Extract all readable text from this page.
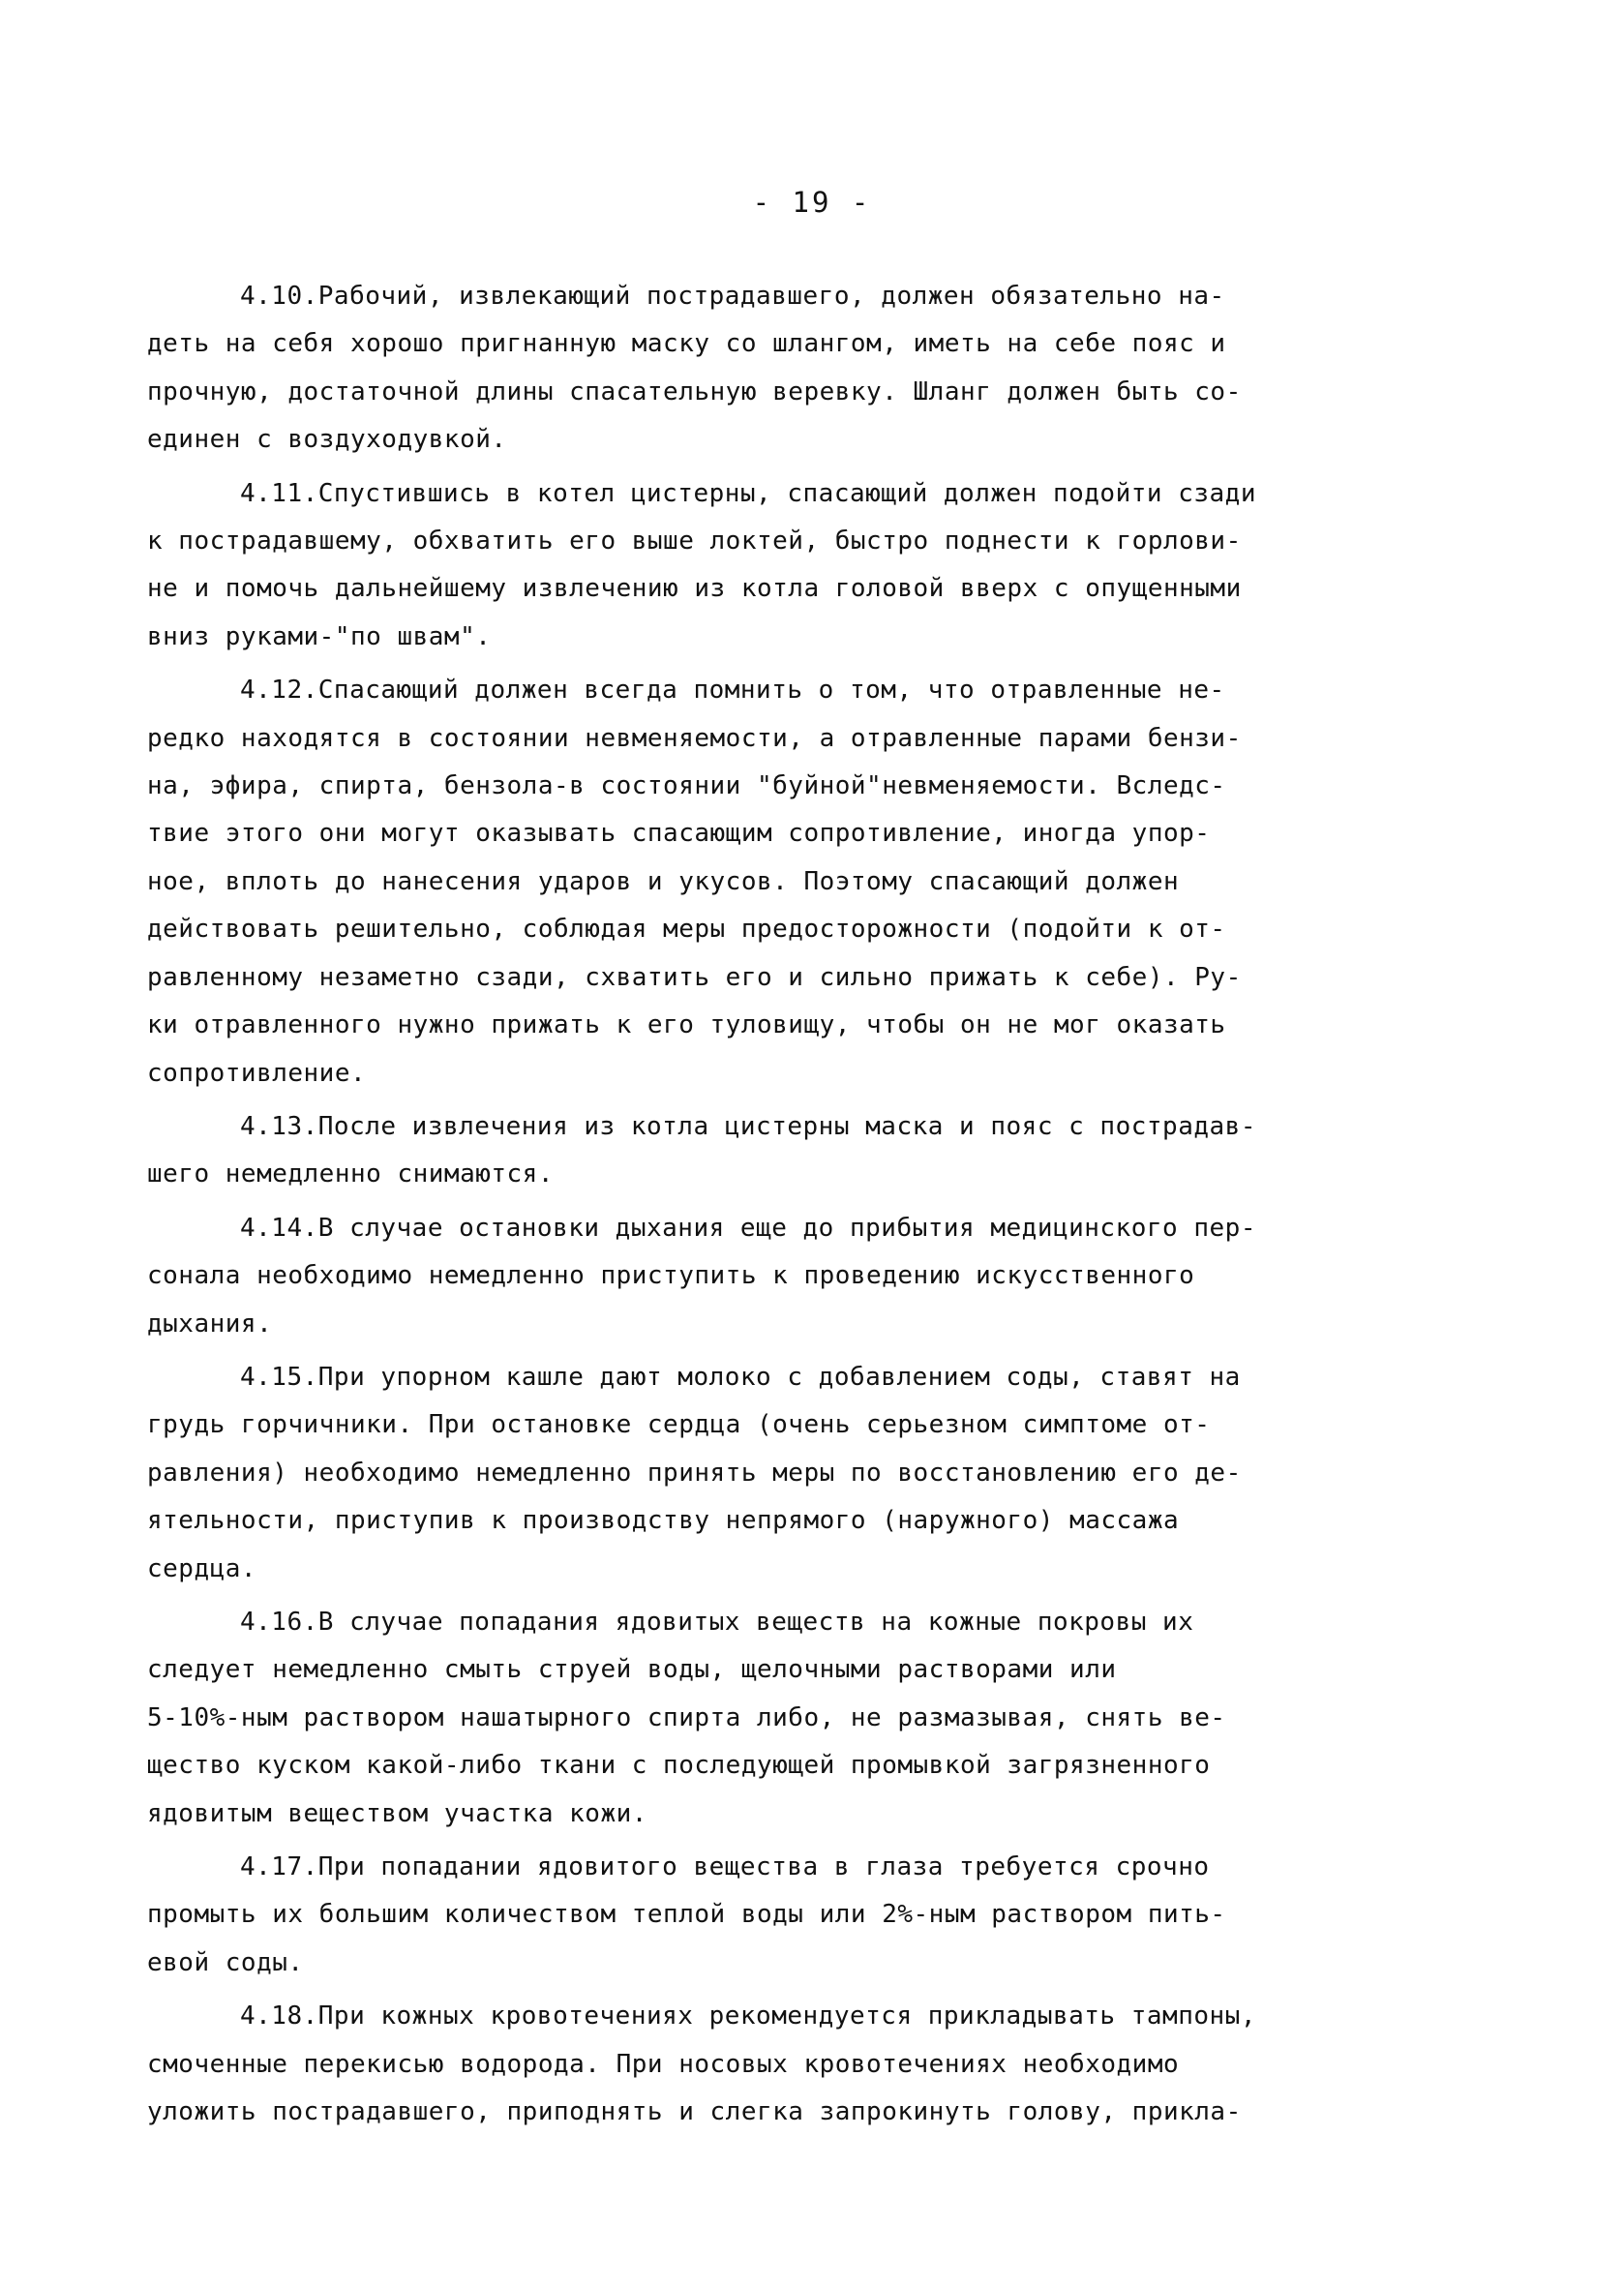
- 19 -

4.10.Рабочий, извлекающий пострадавшего, должен обязательно на-
деть на себя хорошо пригнанную маску со шлангом, иметь на себе пояс и
прочную, достаточной длины спасательную веревку. Шланг должен быть со-
единен с воздуходувкой.

4.11.Спустившись в котел цистерны, спасающий должен подойти сзади
к пострадавшему, обхватить его выше локтей, быстро поднести к горлови-
не и помочь дальнейшему извлечению из котла головой вверх с опущенными
вниз руками-"по швам".

4.12.Спасающий должен всегда помнить о том, что отравленные не-
редко находятся в состоянии невменяемости, а отравленные парами бензи-
на, эфира, спирта, бензола-в состоянии "буйной"невменяемости. Вследс-
твие этого они могут оказывать спасающим сопротивление, иногда упор-
ное, вплоть до нанесения ударов и укусов. Поэтому спасающий должен
действовать решительно, соблюдая меры предосторожности (подойти к от-
равленному незаметно сзади, схватить его и сильно прижать к себе). Ру-
ки отравленного нужно прижать к его туловищу, чтобы он не мог оказать
сопротивление.

4.13.После извлечения из котла цистерны маска и пояс с пострадав-
шего немедленно снимаются.

4.14.В случае остановки дыхания еще до прибытия медицинского пер-
сонала необходимо немедленно приступить к проведению искусственного
дыхания.

4.15.При упорном кашле дают молоко с добавлением соды, ставят на
грудь горчичники. При остановке сердца (очень серьезном симптоме от-
равления) необходимо немедленно принять меры по восстановлению его де-
ятельности, приступив к производству непрямого (наружного) массажа
сердца.

4.16.В случае попадания ядовитых веществ на кожные покровы их
следует немедленно смыть струей воды, щелочными растворами или
5-10%-ным раствором нашатырного спирта либо, не размазывая, снять ве-
щество куском какой-либо ткани с последующей промывкой загрязненного
ядовитым веществом участка кожи.

4.17.При попадании ядовитого вещества в глаза требуется срочно
промыть их большим количеством теплой воды или 2%-ным раствором пить-
евой соды.

4.18.При кожных кровотечениях рекомендуется прикладывать тампоны,
смоченные перекисью водорода. При носовых кровотечениях необходимо
уложить пострадавшего, приподнять и слегка запрокинуть голову, прикла-
